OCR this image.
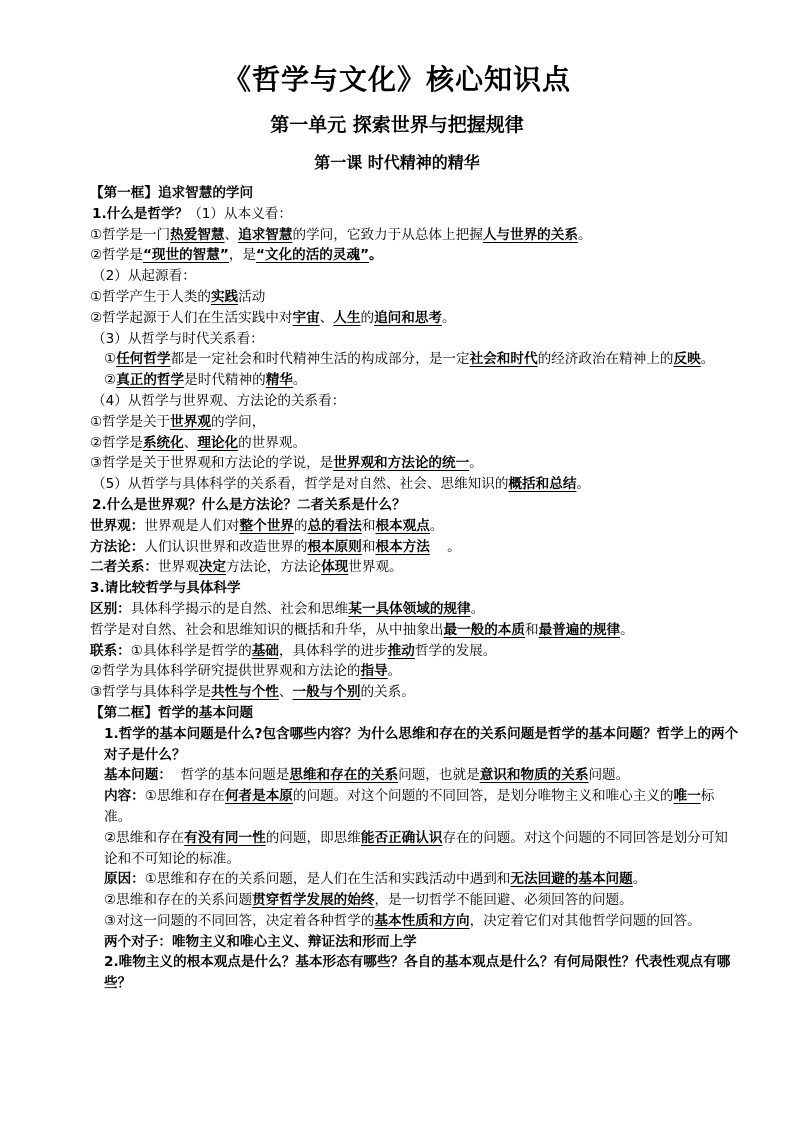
《哲学与文化》核心知识点
第一单元 探索世界与把握规律
第一课 时代精神的精华

【第一框】追求智慧的学问

1.什么是哲学？（1）从本义看：

①哲学是一门热爱智慧、追求智慧的学问，它致力于从总体上把握人与世界的关系。

②哲学是“现世的智慧”，是“文化的活的灵魂”。

（2）从起源看：

①哲学产生于人类的实践活动

②哲学起源于人们在生活实践中对宇宙、人生的追问和思考。

（3）从哲学与时代关系看：

①任何哲学都是一定社会和时代精神生活的构成部分，是一定社会和时代的经济政治在精神上的反映。

②真正的哲学是时代精神的精华。

（4）从哲学与世界观、方法论的关系看：

①哲学是关于世界观的学问，

②哲学是系统化、理论化的世界观。

③哲学是关于世界观和方法论的学说，是世界观和方法论的统一。

（5）从哲学与具体科学的关系看，哲学是对自然、社会、思维知识的概括和总结。

2.什么是世界观？什么是方法论？二者关系是什么？

世界观：世界观是人们对整个世界的总的看法和根本观点。

方法论：人们认识世界和改造世界的根本原则和根本方法    。

二者关系：世界观决定方法论，方法论体现世界观。

3.请比较哲学与具体科学

区别：具体科学揭示的是自然、社会和思维某一具体领域的规律。

哲学是对自然、社会和思维知识的概括和升华，从中抽象出最一般的本质和最普遍的规律。

联系：①具体科学是哲学的基础，具体科学的进步推动哲学的发展。

②哲学为具体科学研究提供世界观和方法论的指导。

③哲学与具体科学是共性与个性、一般与个别的关系。

【第二框】哲学的基本问题

1.哲学的基本问题是什么?包含哪些内容？为什么思维和存在的关系问题是哲学的基本问题？哲学上的两个对子是什么？

基本问题：  哲学的基本问题是思维和存在的关系问题，也就是意识和物质的关系问题。

内容：①思维和存在何者是本原的问题。对这个问题的不同回答，是划分唯物主义和唯心主义的唯一标准。

②思维和存在有没有同一性的问题，即思维能否正确认识存在的问题。对这个问题的不同回答是划分可知论和不可知论的标准。

原因：①思维和存在的关系问题，是人们在生活和实践活动中遇到和无法回避的基本问题。

②思维和存在的关系问题贯穿哲学发展的始终，是一切哲学不能回避、必须回答的问题。

③对这一问题的不同回答，决定着各种哲学的基本性质和方向，决定着它们对其他哲学问题的回答。

两个对子：唯物主义和唯心主义、辩证法和形而上学

2.唯物主义的根本观点是什么？基本形态有哪些？各自的基本观点是什么？有何局限性？代表性观点有哪些？
